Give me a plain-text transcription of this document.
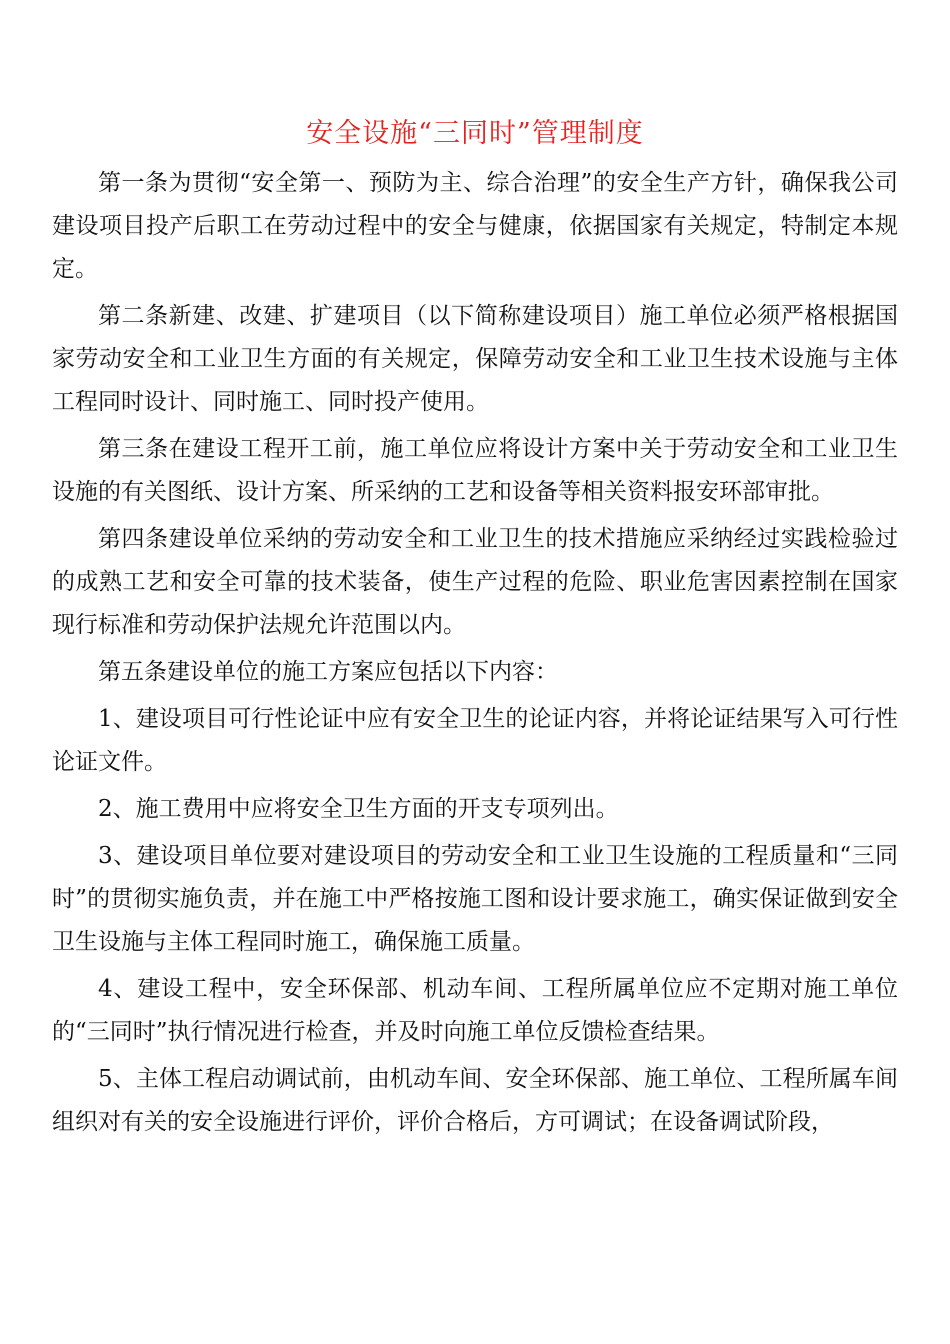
安全设施“三同时”管理制度

第一条为贯彻“安全第一、预防为主、综合治理”的安全生产方针，确保我公司建设项目投产后职工在劳动过程中的安全与健康，依据国家有关规定，特制定本规定。

第二条新建、改建、扩建项目（以下简称建设项目）施工单位必须严格根据国家劳动安全和工业卫生方面的有关规定，保障劳动安全和工业卫生技术设施与主体工程同时设计、同时施工、同时投产使用。

第三条在建设工程开工前，施工单位应将设计方案中关于劳动安全和工业卫生设施的有关图纸、设计方案、所采纳的工艺和设备等相关资料报安环部审批。

第四条建设单位采纳的劳动安全和工业卫生的技术措施应采纳经过实践检验过的成熟工艺和安全可靠的技术装备，使生产过程的危险、职业危害因素控制在国家现行标准和劳动保护法规允许范围以内。

第五条建设单位的施工方案应包括以下内容：

1、建设项目可行性论证中应有安全卫生的论证内容，并将论证结果写入可行性论证文件。

2、施工费用中应将安全卫生方面的开支专项列出。

3、建设项目单位要对建设项目的劳动安全和工业卫生设施的工程质量和“三同时”的贯彻实施负责，并在施工中严格按施工图和设计要求施工，确实保证做到安全卫生设施与主体工程同时施工，确保施工质量。

4、建设工程中，安全环保部、机动车间、工程所属单位应不定期对施工单位的“三同时”执行情况进行检查，并及时向施工单位反馈检查结果。

5、主体工程启动调试前，由机动车间、安全环保部、施工单位、工程所属车间组织对有关的安全设施进行评价，评价合格后，方可调试；在设备调试阶段，
